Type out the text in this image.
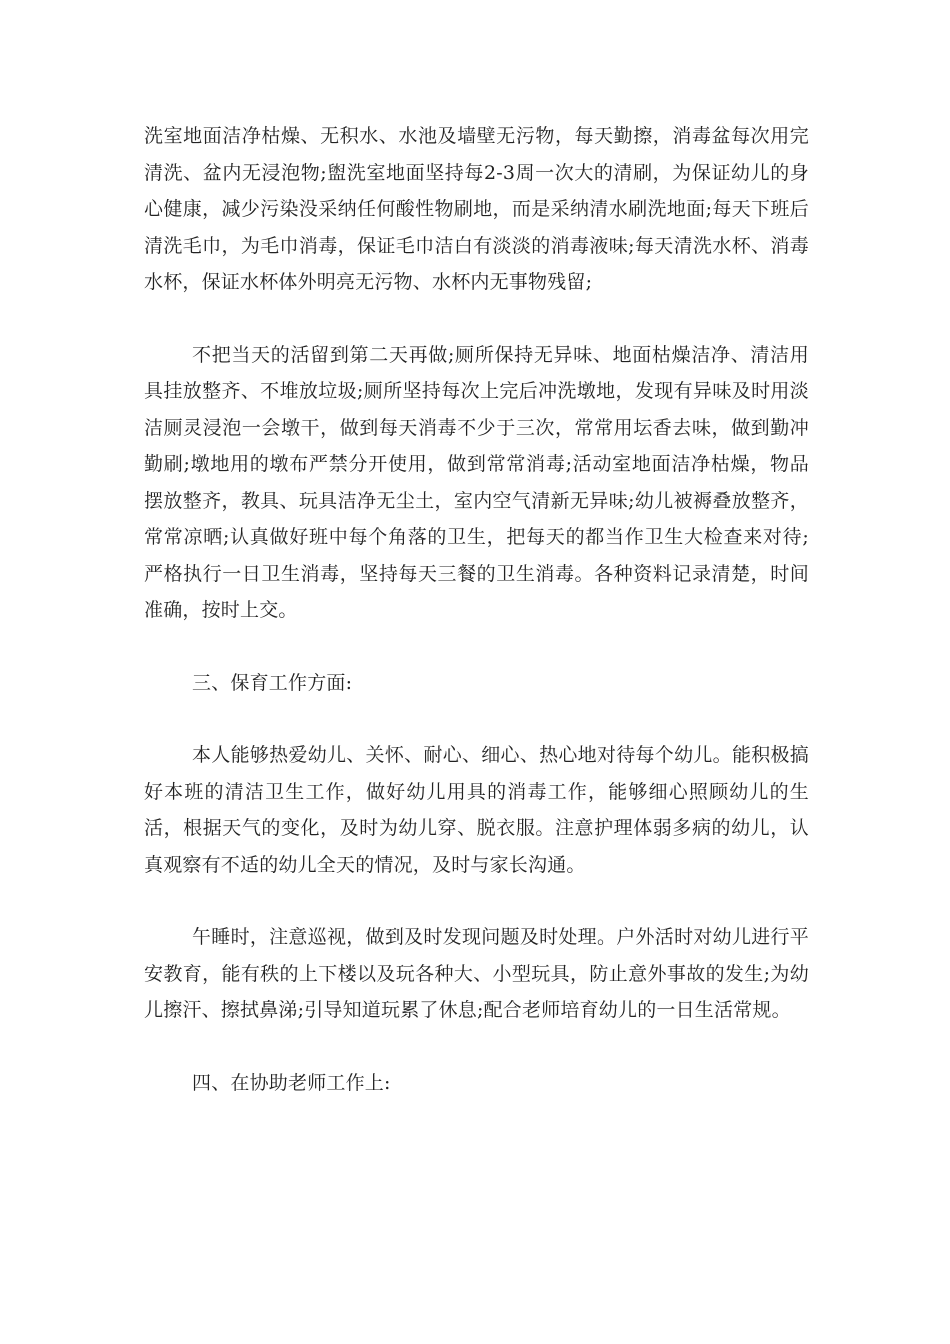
洗室地面洁净枯燥、无积水、水池及墙壁无污物，每天勤擦，消毒盆每次用完清洗、盆内无浸泡物;盥洗室地面坚持每2-3周一次大的清刷，为保证幼儿的身心健康，减少污染没采纳任何酸性物刷地，而是采纳清水刷洗地面;每天下班后清洗毛巾，为毛巾消毒，保证毛巾洁白有淡淡的消毒液味;每天清洗水杯、消毒水杯，保证水杯体外明亮无污物、水杯内无事物残留;

不把当天的活留到第二天再做;厕所保持无异味、地面枯燥洁净、清洁用具挂放整齐、不堆放垃圾;厕所坚持每次上完后冲洗墩地，发现有异味及时用淡洁厕灵浸泡一会墩干，做到每天消毒不少于三次，常常用坛香去味，做到勤冲勤刷;墩地用的墩布严禁分开使用，做到常常消毒;活动室地面洁净枯燥，物品摆放整齐，教具、玩具洁净无尘土，室内空气清新无异味;幼儿被褥叠放整齐，常常凉晒;认真做好班中每个角落的卫生，把每天的都当作卫生大检查来对待;严格执行一日卫生消毒，坚持每天三餐的卫生消毒。各种资料记录清楚，时间准确，按时上交。

三、保育工作方面:

本人能够热爱幼儿、关怀、耐心、细心、热心地对待每个幼儿。能积极搞好本班的清洁卫生工作，做好幼儿用具的消毒工作，能够细心照顾幼儿的生活，根据天气的变化，及时为幼儿穿、脱衣服。注意护理体弱多病的幼儿，认真观察有不适的幼儿全天的情况，及时与家长沟通。

午睡时，注意巡视，做到及时发现问题及时处理。户外活时对幼儿进行平安教育，能有秩的上下楼以及玩各种大、小型玩具，防止意外事故的发生;为幼儿擦汗、擦拭鼻涕;引导知道玩累了休息;配合老师培育幼儿的一日生活常规。

四、在协助老师工作上:
